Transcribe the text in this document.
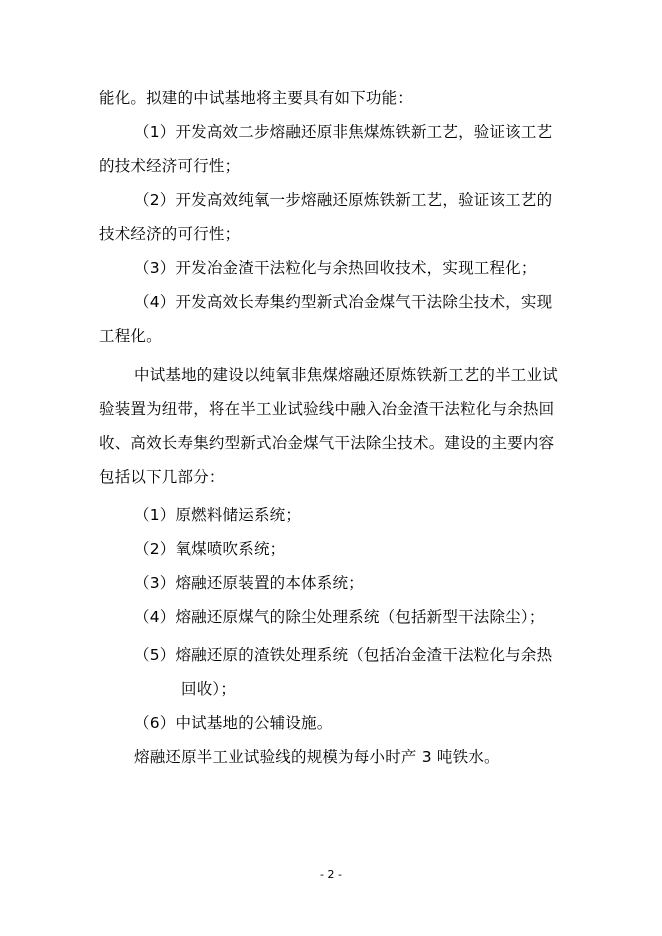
能化。拟建的中试基地将主要具有如下功能：
（1）开发高效二步熔融还原非焦煤炼铁新工艺，验证该工艺
的技术经济可行性；
（2）开发高效纯氧一步熔融还原炼铁新工艺，验证该工艺的
技术经济的可行性；
（3）开发冶金渣干法粒化与余热回收技术，实现工程化；
（4）开发高效长寿集约型新式冶金煤气干法除尘技术，实现
工程化。
中试基地的建设以纯氧非焦煤熔融还原炼铁新工艺的半工业试
验装置为纽带，将在半工业试验线中融入冶金渣干法粒化与余热回
收、高效长寿集约型新式冶金煤气干法除尘技术。建设的主要内容
包括以下几部分：
（1）原燃料储运系统；
（2）氧煤喷吹系统；
（3）熔融还原装置的本体系统；
（4）熔融还原煤气的除尘处理系统（包括新型干法除尘）；
（5）熔融还原的渣铁处理系统（包括冶金渣干法粒化与余热
回收）；
（6）中试基地的公辅设施。
熔融还原半工业试验线的规模为每小时产 3 吨铁水。
- 2 -
